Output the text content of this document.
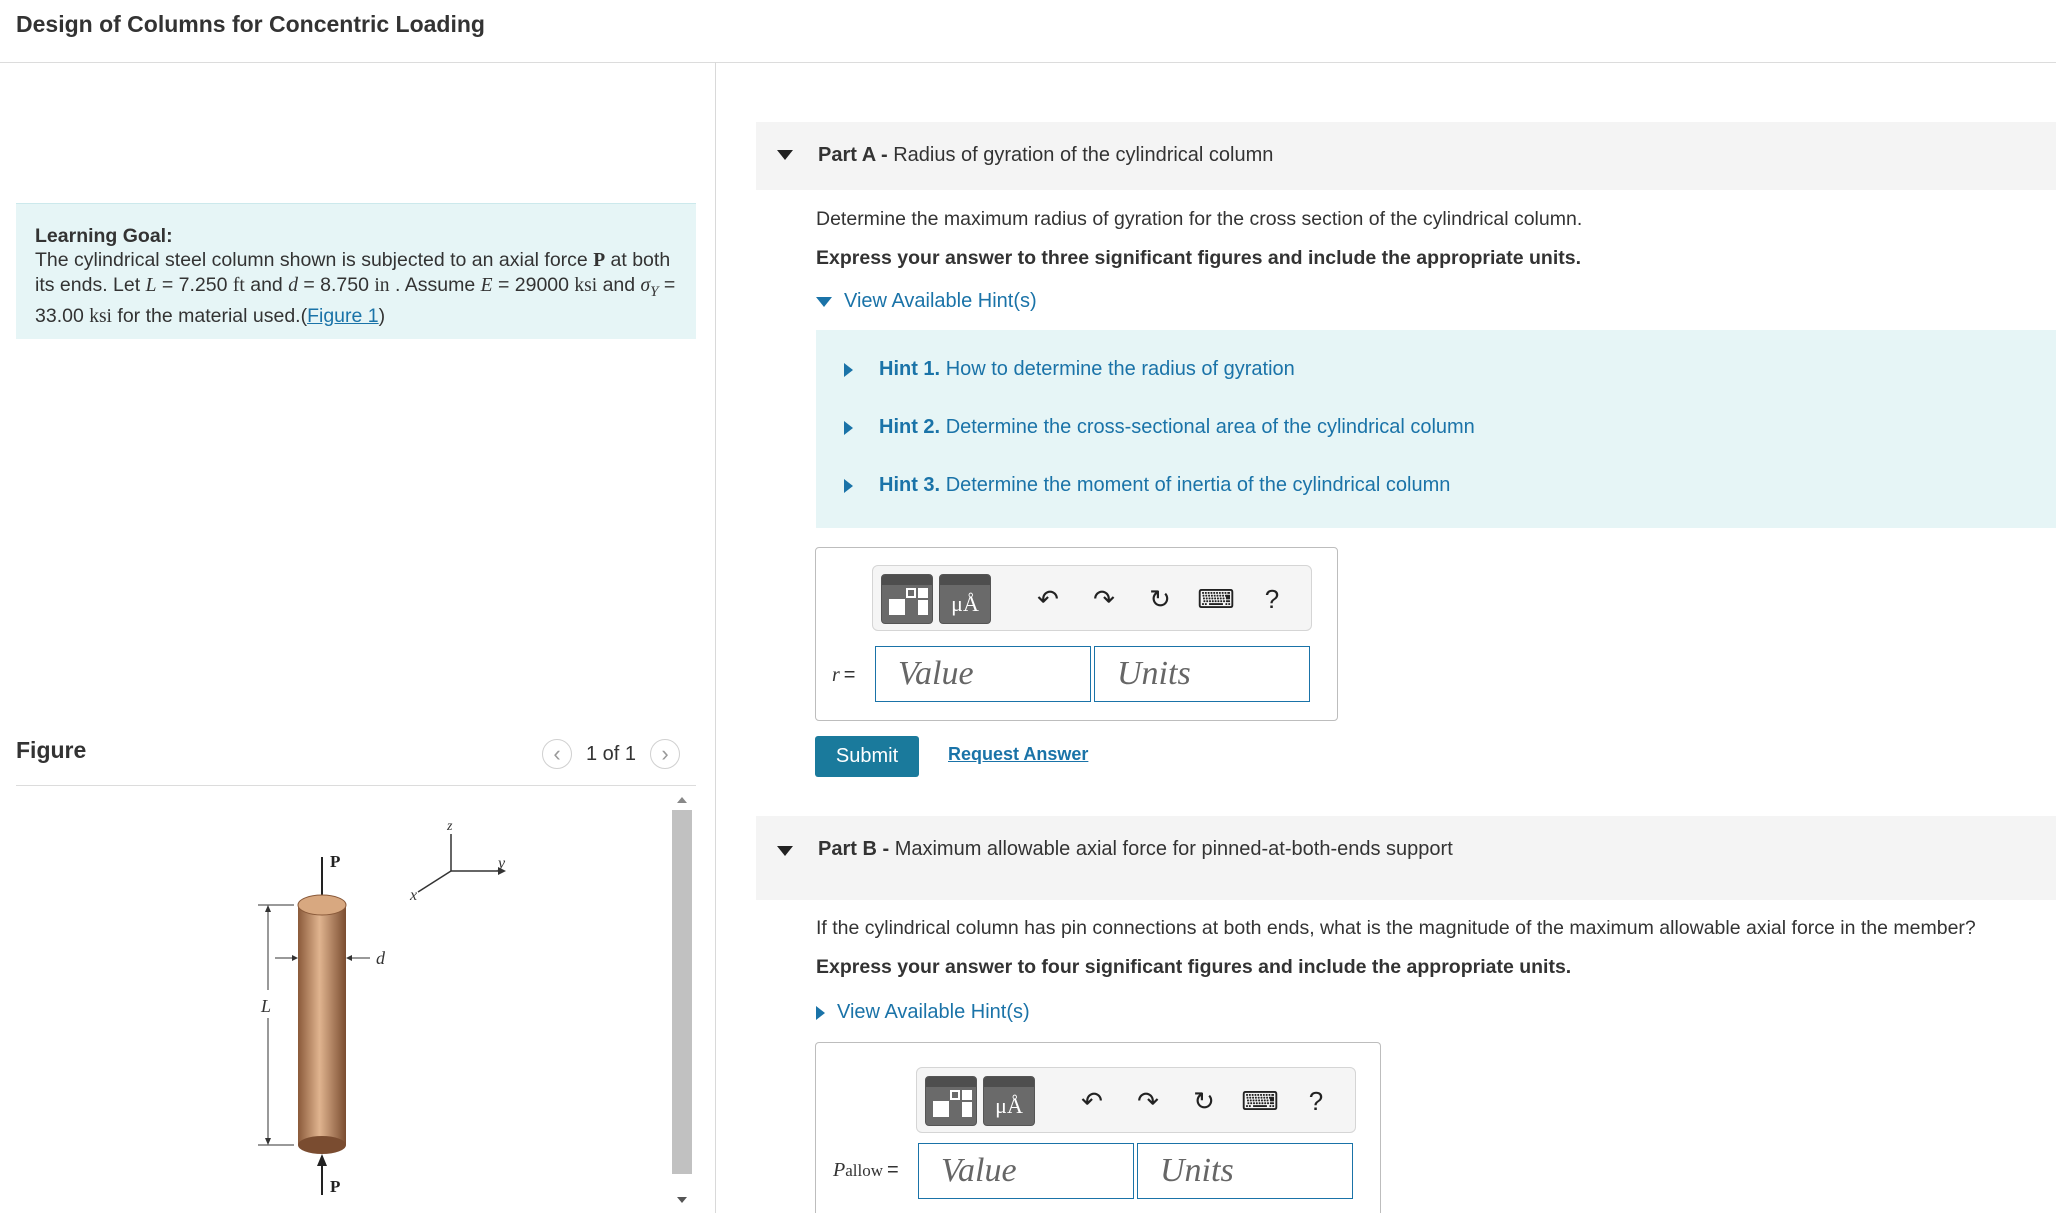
Design of Columns for Concentric Loading
Learning Goal:
The cylindrical steel column shown is subjected to an axial force P at both its ends. Let L = 7.250 ft and d = 8.750 in . Assume E = 29000 ksi and $\sigma_Y = 33.00$ ksi for the material used.(Figure 1)
Figure	‹ 1 of 1 ›
z
y
x
P
d
L
P
Part A - Radius of gyration of the cylindrical column
Determine the maximum radius of gyration for the cross section of the cylindrical column.
Express your answer to three significant figures and include the appropriate units.
View Available Hint(s)
Hint 1. How to determine the radius of gyration
Hint 2. Determine the cross-sectional area of the cylindrical column
Hint 3. Determine the moment of inertia of the cylindrical column
μÅ	↶ ↷ ↻ ⌨ ?
r =
Value
Units
Submit	Request Answer
Part B - Maximum allowable axial force for pinned-at-both-ends support
If the cylindrical column has pin connections at both ends, what is the magnitude of the maximum allowable axial force in the member?
Express your answer to four significant figures and include the appropriate units.
View Available Hint(s)
μÅ	↶ ↷ ↻ ⌨ ?
Pallow =
Value
Units
